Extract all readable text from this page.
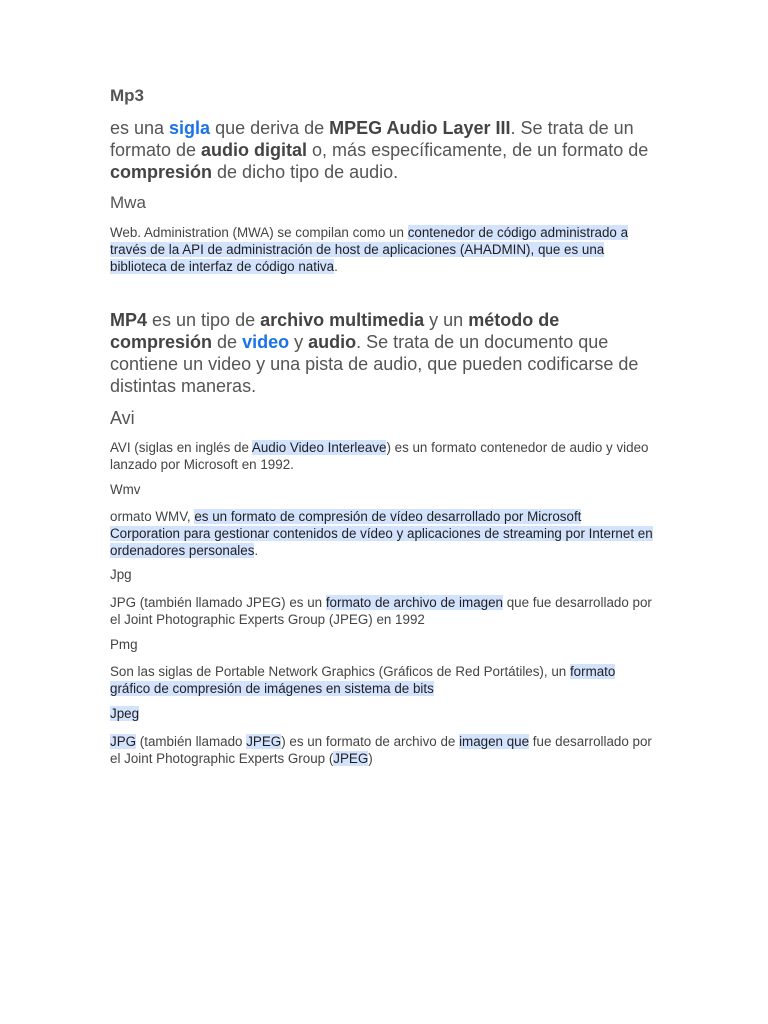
Mp3

es una sigla que deriva de MPEG Audio Layer III. Se trata de un formato de audio digital o, más específicamente, de un formato de compresión de dicho tipo de audio.

Mwa

Web. Administration (MWA) se compilan como un contenedor de código administrado a través de la API de administración de host de aplicaciones (AHADMIN), que es una biblioteca de interfaz de código nativa.

MP4 es un tipo de archivo multimedia y un método de compresión de video y audio. Se trata de un documento que contiene un video y una pista de audio, que pueden codificarse de distintas maneras.

Avi

AVI (siglas en inglés de Audio Video Interleave) es un formato contenedor de audio y video lanzado por Microsoft en 1992.

Wmv

ormato WMV, es un formato de compresión de vídeo desarrollado por Microsoft Corporation para gestionar contenidos de vídeo y aplicaciones de streaming por Internet en ordenadores personales.

Jpg

JPG (también llamado JPEG) es un formato de archivo de imagen que fue desarrollado por el Joint Photographic Experts Group (JPEG) en 1992

Pmg

Son las siglas de Portable Network Graphics (Gráficos de Red Portátiles), un formato gráfico de compresión de imágenes en sistema de bits

Jpeg

JPG (también llamado JPEG) es un formato de archivo de imagen que fue desarrollado por el Joint Photographic Experts Group (JPEG)
